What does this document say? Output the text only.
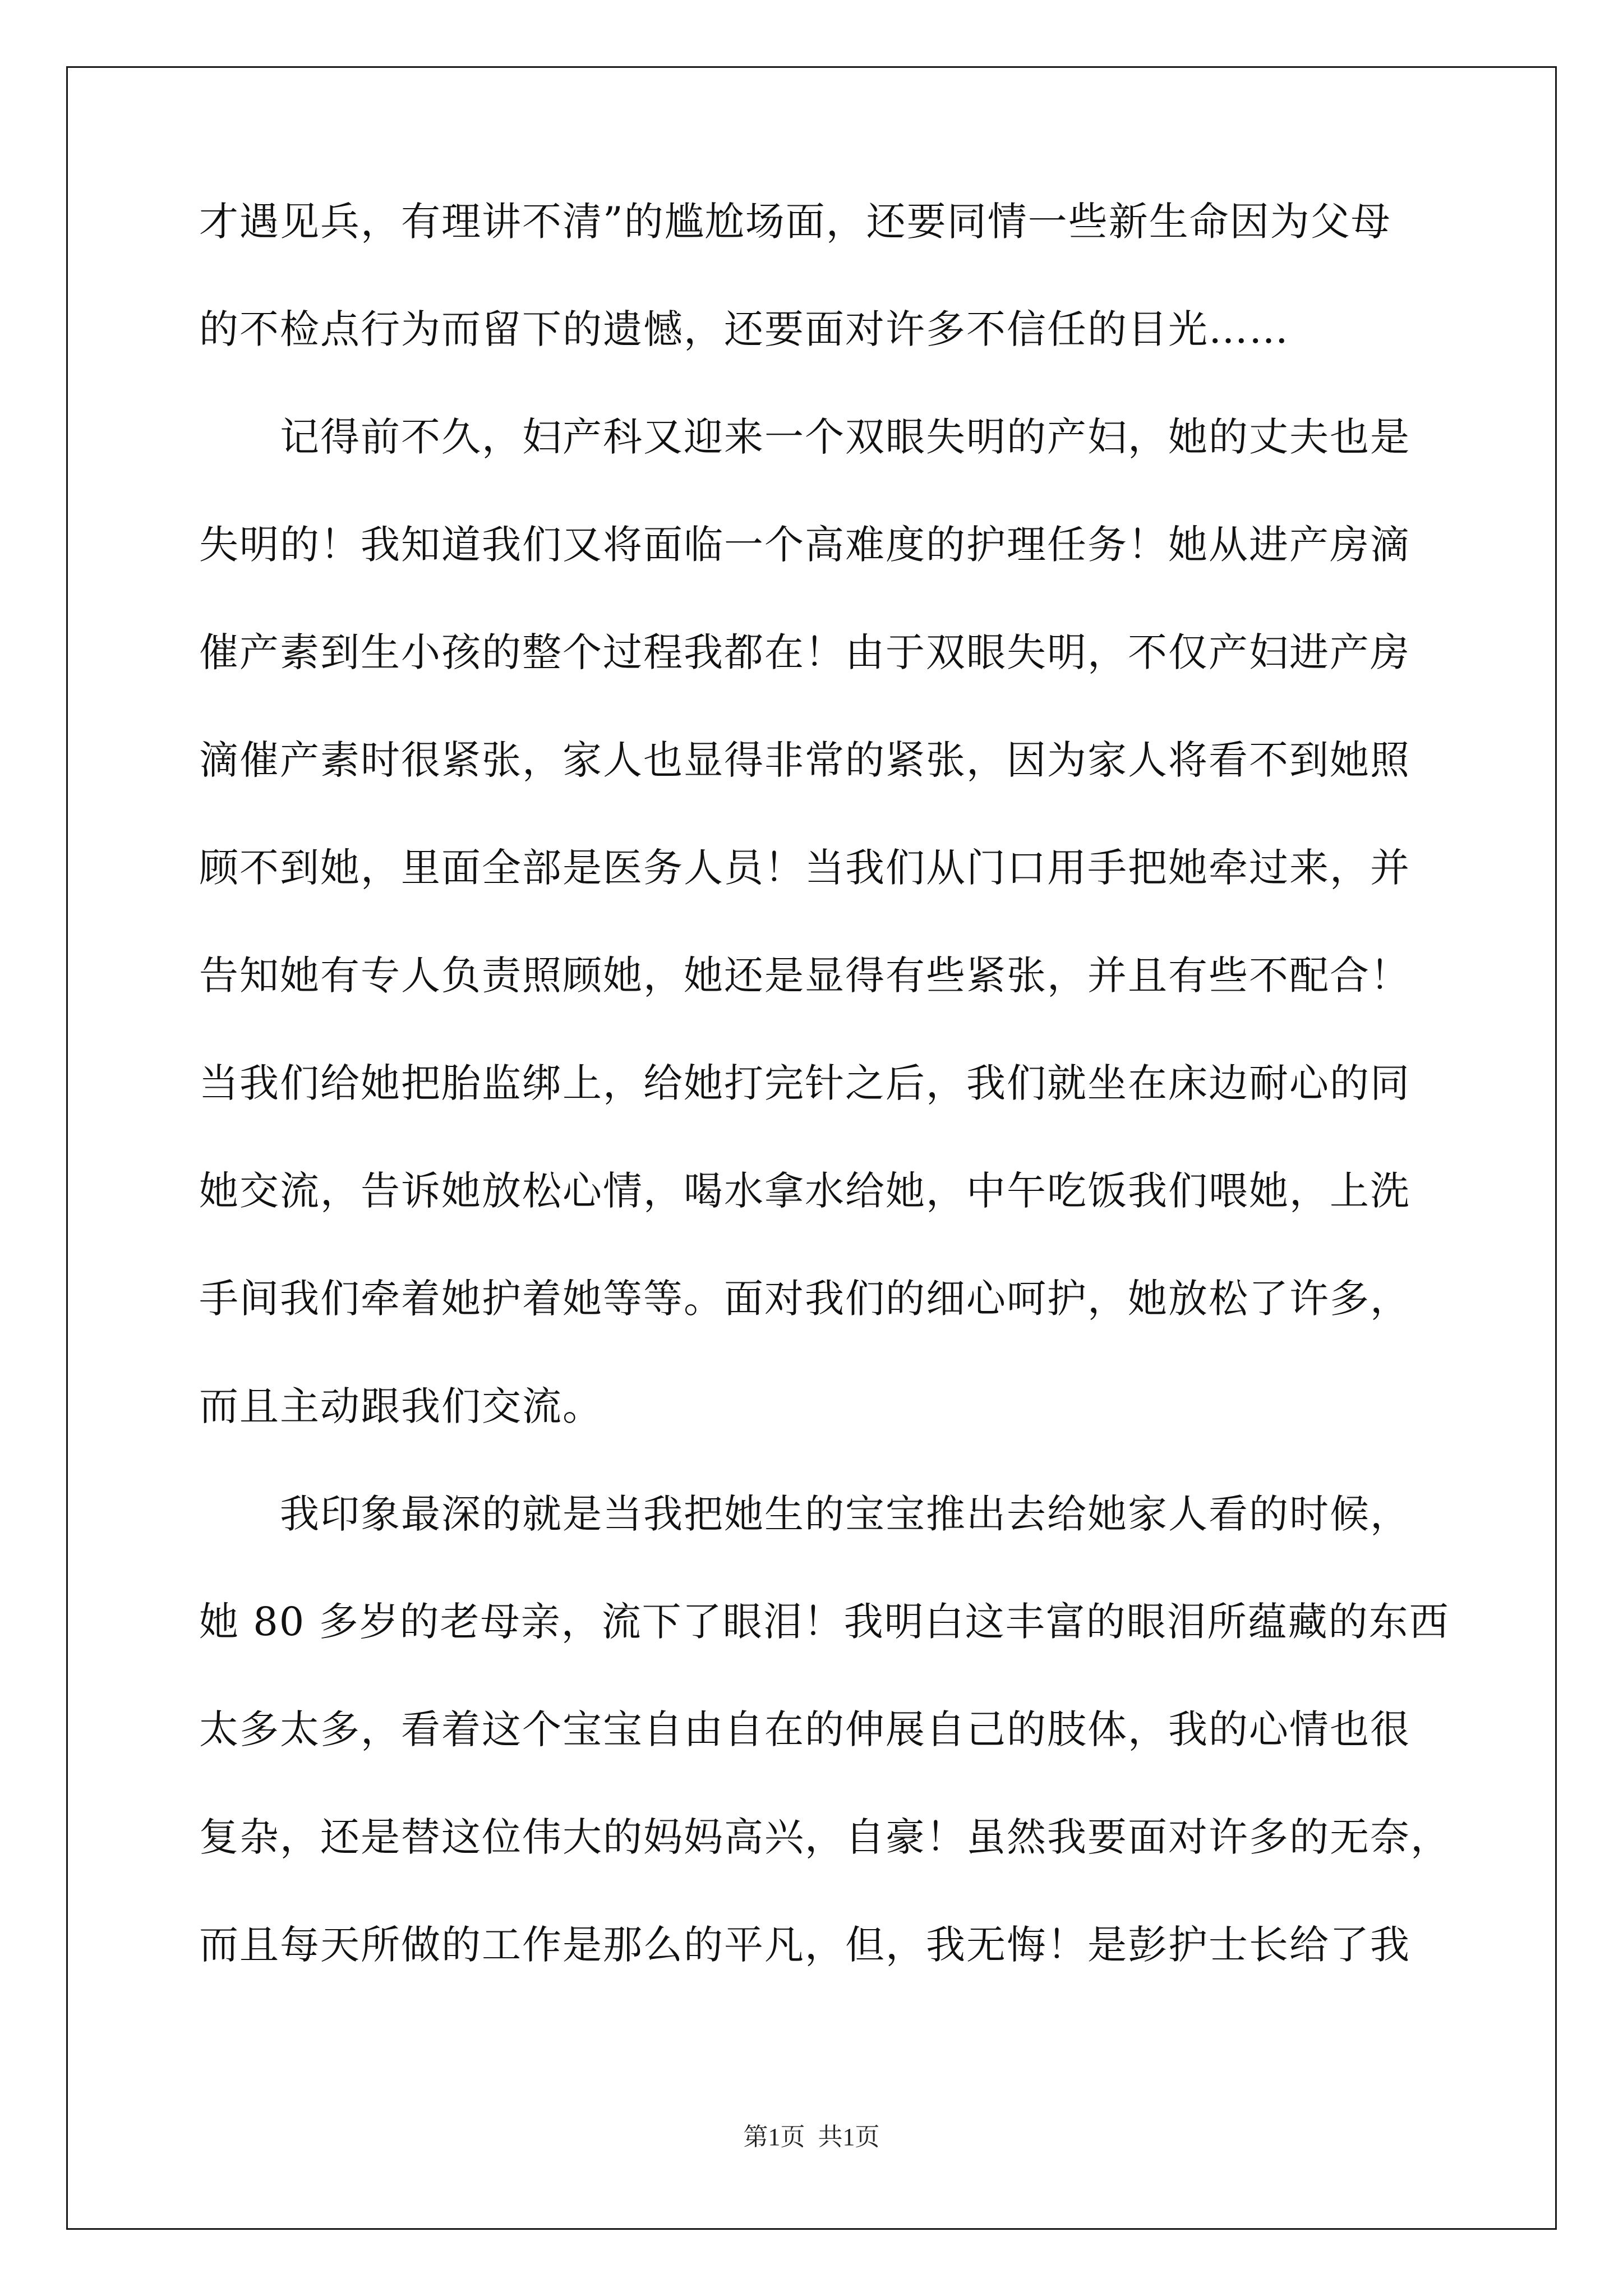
才遇见兵，有理讲不清”的尴尬场面，还要同情一些新生命因为父母
的不检点行为而留下的遗憾，还要面对许多不信任的目光……
　　记得前不久，妇产科又迎来一个双眼失明的产妇，她的丈夫也是
失明的！我知道我们又将面临一个高难度的护理任务！她从进产房滴
催产素到生小孩的整个过程我都在！由于双眼失明，不仅产妇进产房
滴催产素时很紧张，家人也显得非常的紧张，因为家人将看不到她照
顾不到她，里面全部是医务人员！当我们从门口用手把她牵过来，并
告知她有专人负责照顾她，她还是显得有些紧张，并且有些不配合！
当我们给她把胎监绑上，给她打完针之后，我们就坐在床边耐心的同
她交流，告诉她放松心情，喝水拿水给她，中午吃饭我们喂她，上洗
手间我们牵着她护着她等等。面对我们的细心呵护，她放松了许多，
而且主动跟我们交流。
　　我印象最深的就是当我把她生的宝宝推出去给她家人看的时候，
她 80 多岁的老母亲，流下了眼泪！我明白这丰富的眼泪所蕴藏的东西
太多太多，看着这个宝宝自由自在的伸展自己的肢体，我的心情也很
复杂，还是替这位伟大的妈妈高兴，自豪！虽然我要面对许多的无奈，
而且每天所做的工作是那么的平凡，但，我无悔！是彭护士长给了我
第1页 共1页
